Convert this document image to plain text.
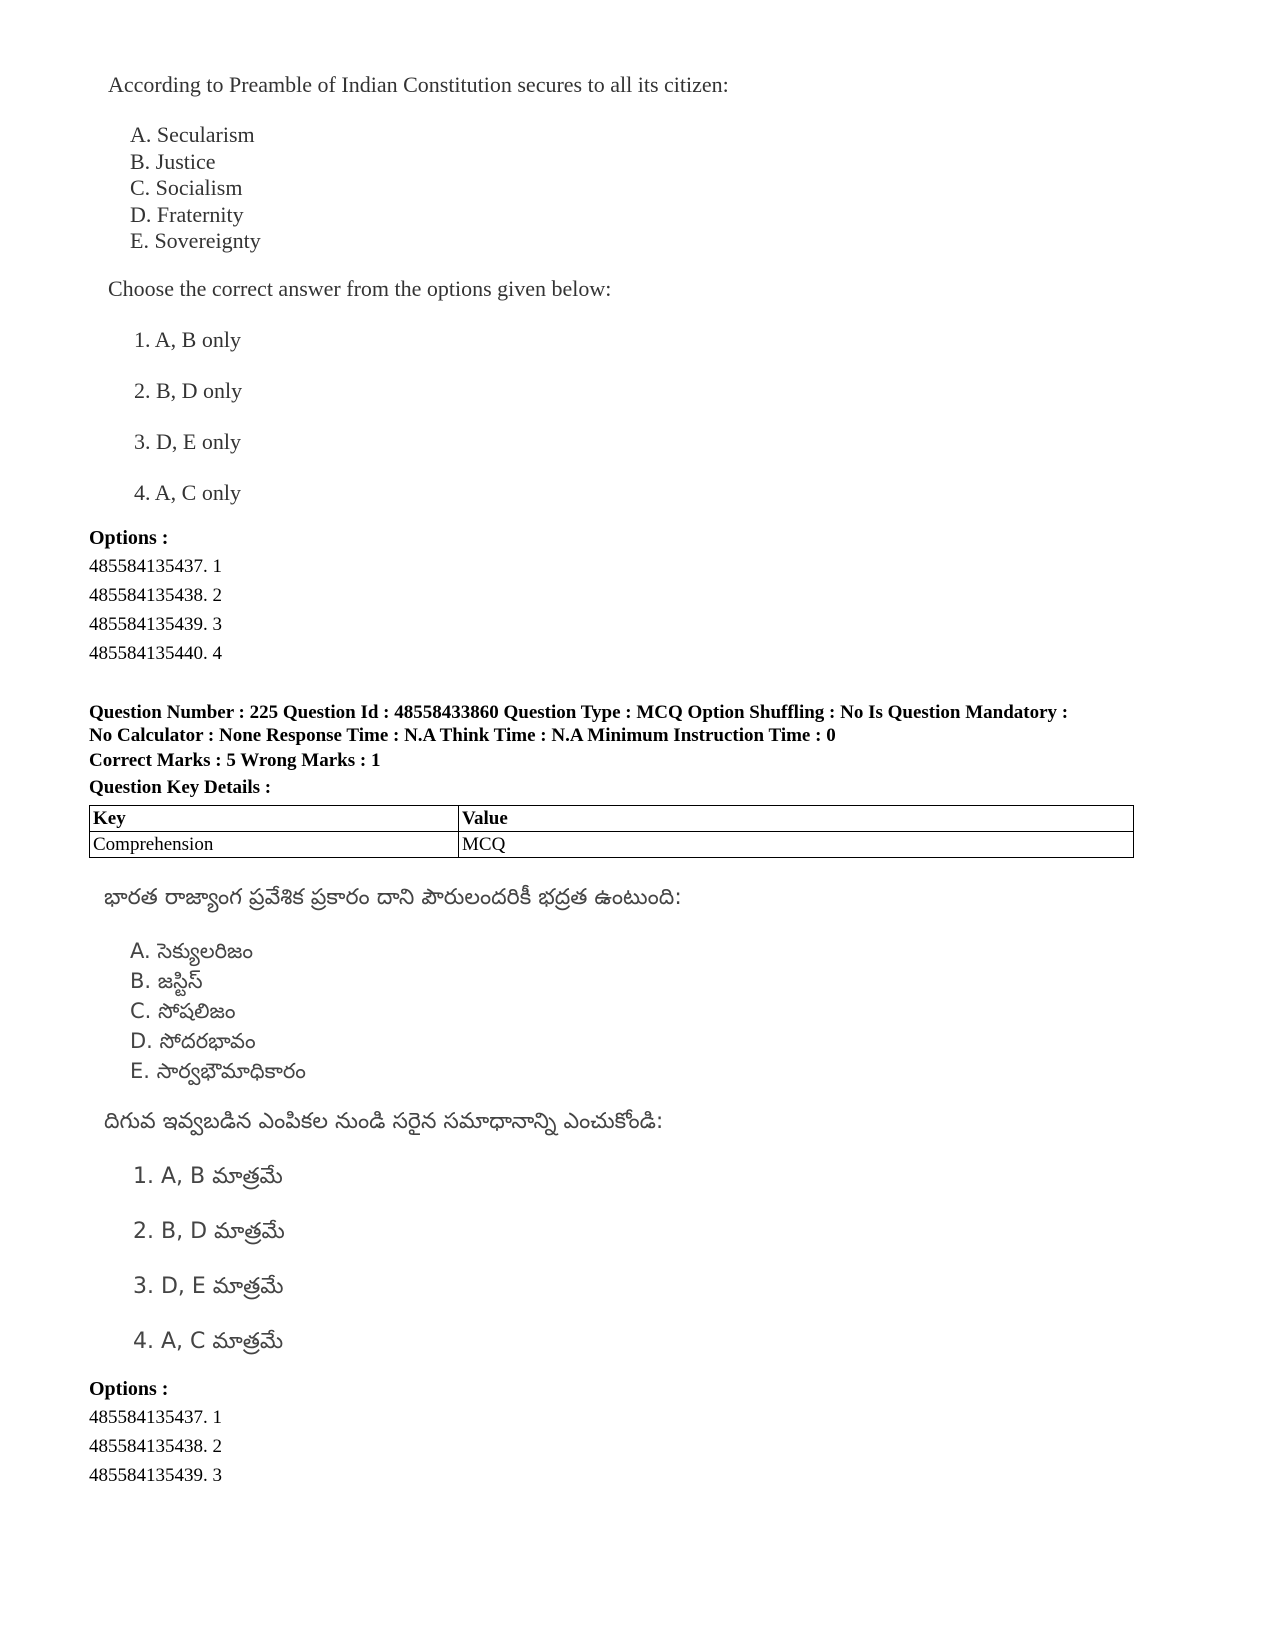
According to Preamble of Indian Constitution secures to all its citizen:
A. Secularism
B. Justice
C. Socialism
D. Fraternity
E. Sovereignty
Choose the correct answer from the options given below:
1. A, B only
2. B, D only
3. D, E only
4. A, C only
Options :
485584135437. 1
485584135438. 2
485584135439. 3
485584135440. 4
Question Number : 225 Question Id : 48558433860 Question Type : MCQ Option Shuffling : No Is Question Mandatory :
No Calculator : None Response Time : N.A Think Time : N.A Minimum Instruction Time : 0
Correct Marks : 5 Wrong Marks : 1
Question Key Details :
Key	Value
Comprehension	MCQ
భారత రాజ్యాంగ ప్రవేశిక ప్రకారం దాని పౌరులందరికీ భద్రత ఉంటుంది:
A. సెక్యులరిజం
B. జస్టిస్
C. సోషలిజం
D. సోదరభావం
E. సార్వభౌమాధికారం
దిగువ ఇవ్వబడిన ఎంపికల నుండి సరైన సమాధానాన్ని ఎంచుకోండి:
1. A, B మాత్రమే
2. B, D మాత్రమే
3. D, E మాత్రమే
4. A, C మాత్రమే
Options :
485584135437. 1
485584135438. 2
485584135439. 3
